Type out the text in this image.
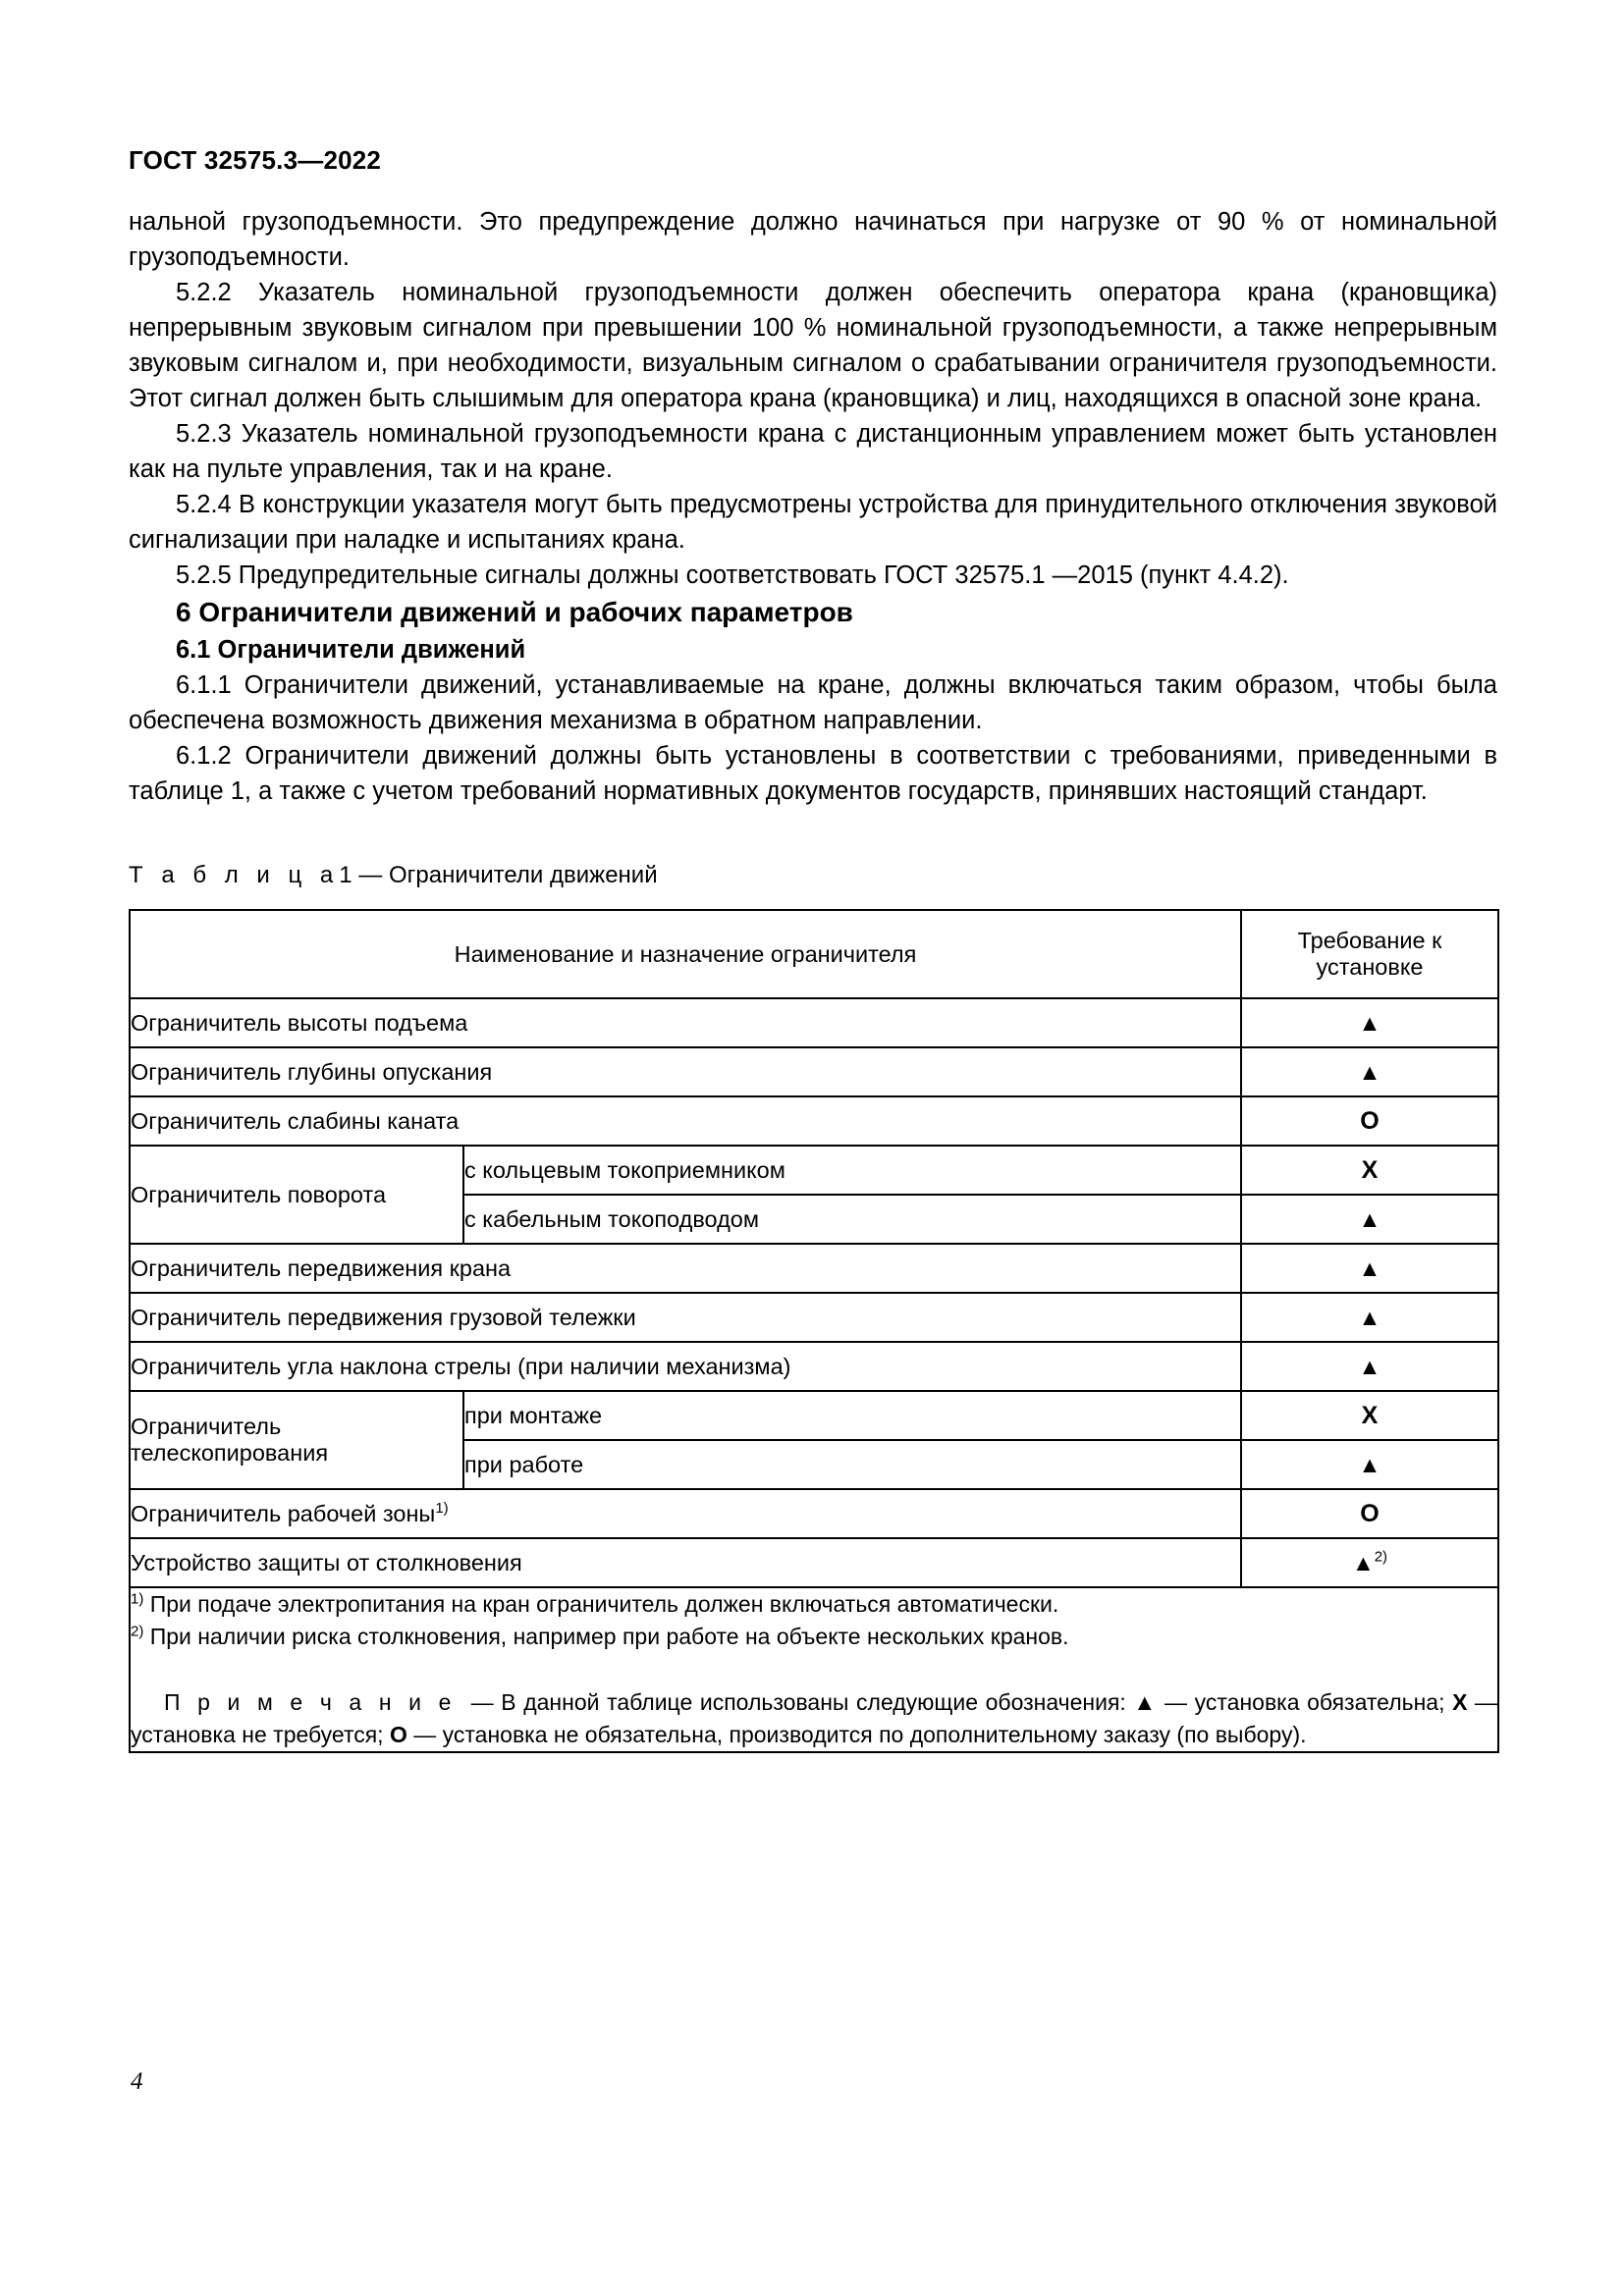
ГОСТ 32575.3—2022

нальной грузоподъемности. Это предупреждение должно начинаться при нагрузке от 90 % от номинальной грузоподъемности.

5.2.2 Указатель номинальной грузоподъемности должен обеспечить оператора крана (крановщика) непрерывным звуковым сигналом при превышении 100 % номинальной грузоподъемности, а также непрерывным звуковым сигналом и, при необходимости, визуальным сигналом о срабатывании ограничителя грузоподъемности. Этот сигнал должен быть слышимым для оператора крана (крановщика) и лиц, находящихся в опасной зоне крана.

5.2.3 Указатель номинальной грузоподъемности крана с дистанционным управлением может быть установлен как на пульте управления, так и на кране.

5.2.4 В конструкции указателя могут быть предусмотрены устройства для принудительного отключения звуковой сигнализации при наладке и испытаниях крана.

5.2.5 Предупредительные сигналы должны соответствовать ГОСТ 32575.1 —2015 (пункт 4.4.2).

6 Ограничители движений и рабочих параметров
6.1 Ограничители движений

6.1.1 Ограничители движений, устанавливаемые на кране, должны включаться таким образом, чтобы была обеспечена возможность движения механизма в обратном направлении.

6.1.2 Ограничители движений должны быть установлены в соответствии с требованиями, приведенными в таблице 1, а также с учетом требований нормативных документов государств, принявших настоящий стандарт.

Т а б л и ц а1 — Ограничители движений
Наименование и назначение ограничителя		Требование к установке
Ограничитель высоты подъема		▲
Ограничитель глубины опускания		▲
Ограничитель слабины каната		O
Ограничитель поворота	с кольцевым токоприемником	X
	с кабельным токоподводом	▲
Ограничитель передвижения крана		▲
Ограничитель передвижения грузовой тележки		▲
Ограничитель угла наклона стрелы (при наличии механизма)		▲
Ограничитель телескопирования	при монтаже	X
	при работе	▲
Ограничитель рабочей зоны$^{1)}$		O
Устройство защиты от столкновения		▲$^{2)}$

$^{1)}$ При подаче электропитания на кран ограничитель должен включаться автоматически.
$^{2)}$ При наличии риска столкновения, например при работе на объекте нескольких кранов.
П р и м е ч а н и е — В данной таблице использованы следующие обозначения: ▲ — установка обязательна; X — установка не требуется; O — установка не обязательна, производится по дополнительному заказу (по выбору).		
4
